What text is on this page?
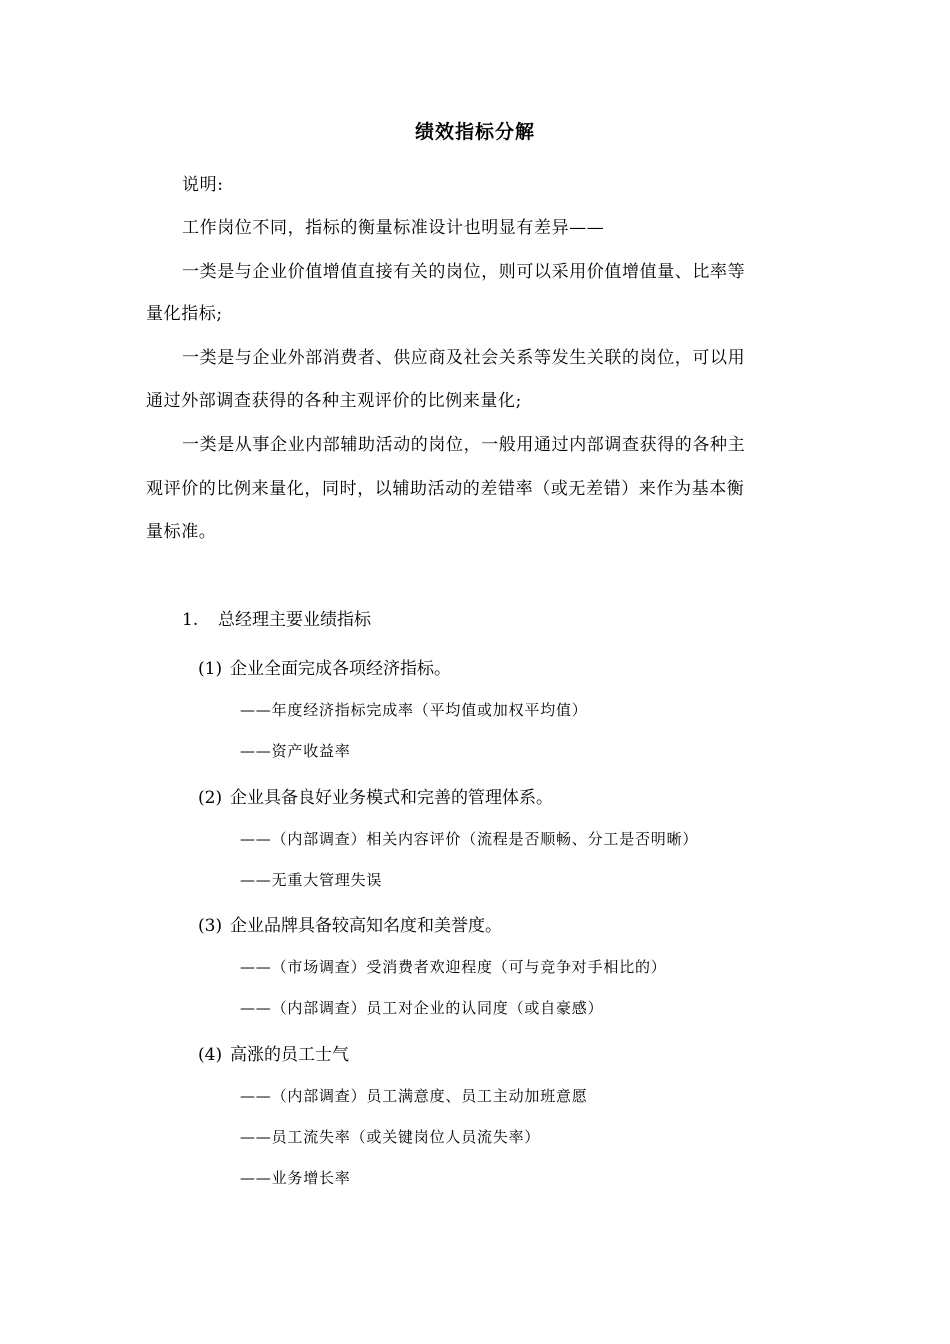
绩效指标分解
说明:
工作岗位不同，指标的衡量标准设计也明显有差异——
一类是与企业价值增值直接有关的岗位，则可以采用价值增值量、比率等
量化指标;
一类是与企业外部消费者、供应商及社会关系等发生关联的岗位，可以用
通过外部调查获得的各种主观评价的比例来量化;
一类是从事企业内部辅助活动的岗位，一般用通过内部调查获得的各种主
观评价的比例来量化，同时，以辅助活动的差错率（或无差错）来作为基本衡
量标准。
1. 总经理主要业绩指标
(1) 企业全面完成各项经济指标。
——年度经济指标完成率（平均值或加权平均值）
——资产收益率
(2) 企业具备良好业务模式和完善的管理体系。
——（内部调查）相关内容评价（流程是否顺畅、分工是否明晰）
——无重大管理失误
(3) 企业品牌具备较高知名度和美誉度。
——（市场调查）受消费者欢迎程度（可与竞争对手相比的）
——（内部调查）员工对企业的认同度（或自豪感）
(4) 高涨的员工士气
——（内部调查）员工满意度、员工主动加班意愿
——员工流失率（或关键岗位人员流失率）
——业务增长率
